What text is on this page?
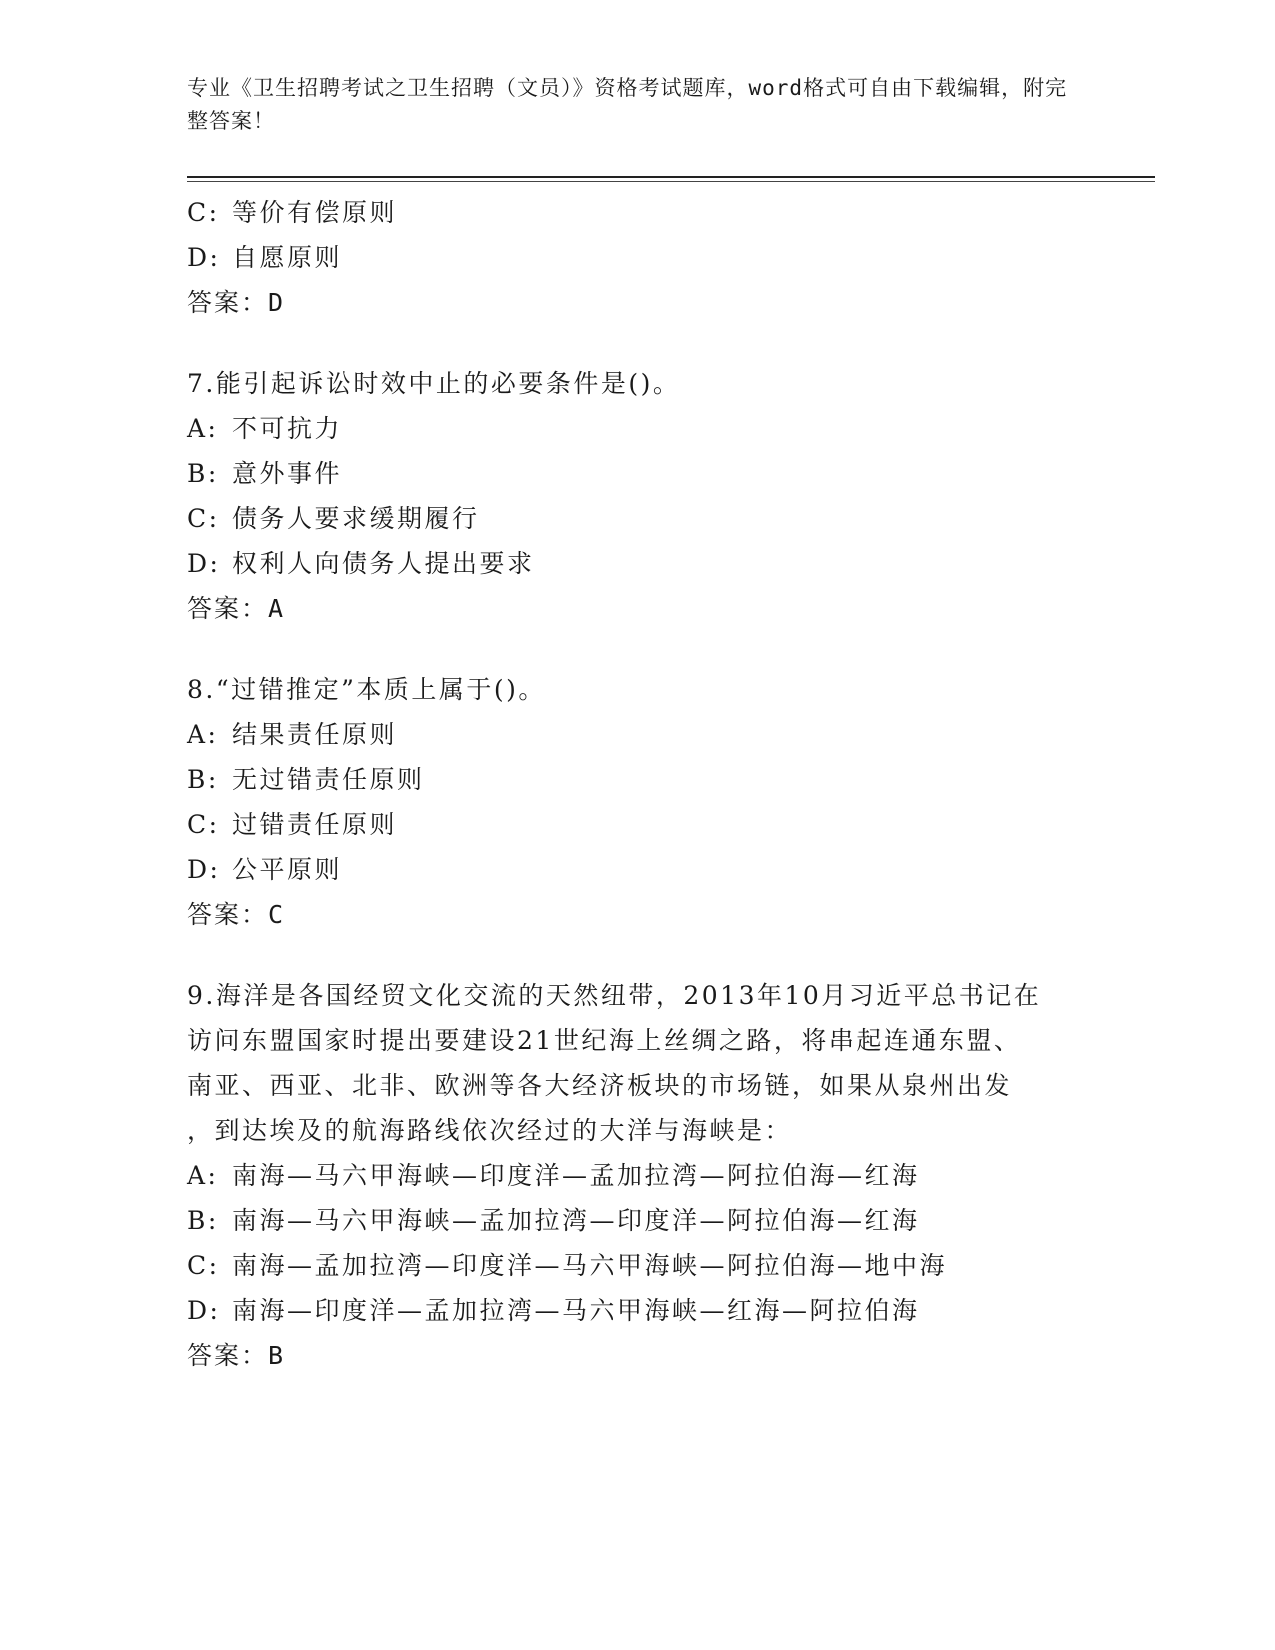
专业《卫生招聘考试之卫生招聘（文员）》资格考试题库，word格式可自由下载编辑，附完整答案！
C: 等价有偿原则
D: 自愿原则
答案：D
7.能引起诉讼时效中止的必要条件是()。
A: 不可抗力
B: 意外事件
C: 债务人要求缓期履行
D: 权利人向债务人提出要求
答案：A
8.“过错推定”本质上属于()。
A: 结果责任原则
B: 无过错责任原则
C: 过错责任原则
D: 公平原则
答案：C
9.海洋是各国经贸文化交流的天然纽带，2013年10月习近平总书记在
访问东盟国家时提出要建设21世纪海上丝绸之路，将串起连通东盟、
南亚、西亚、北非、欧洲等各大经济板块的市场链，如果从泉州出发
，到达埃及的航海路线依次经过的大洋与海峡是：
A: 南海—马六甲海峡—印度洋—孟加拉湾—阿拉伯海—红海
B: 南海—马六甲海峡—孟加拉湾—印度洋—阿拉伯海—红海
C: 南海—孟加拉湾—印度洋—马六甲海峡—阿拉伯海—地中海
D: 南海—印度洋—孟加拉湾—马六甲海峡—红海—阿拉伯海
答案：B
